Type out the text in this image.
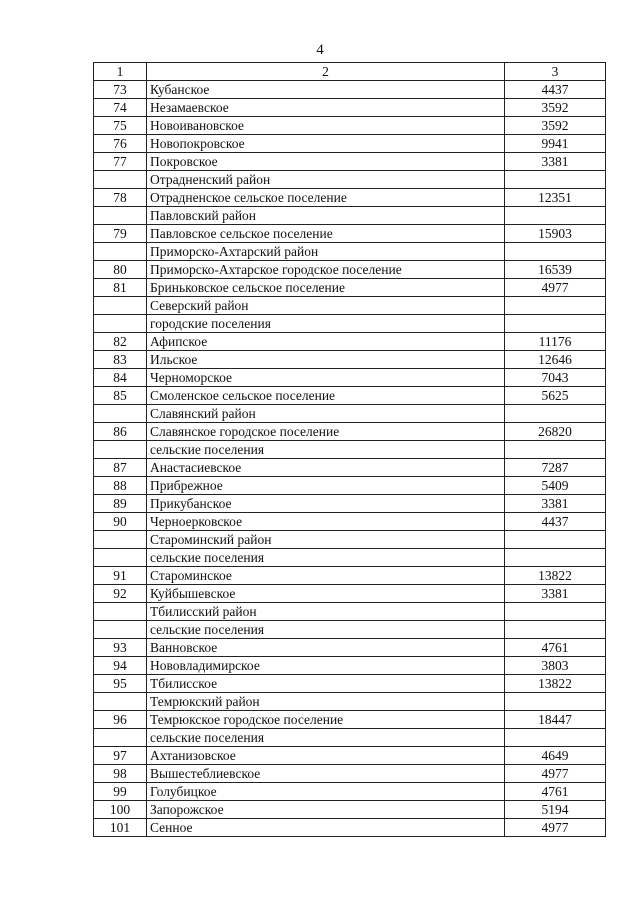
4
1	2	3
73	Кубанское	4437
74	Незамаевское	3592
75	Новоивановское	3592
76	Новопокровское	9941
77	Покровское	3381
	Отрадненский район	
78	Отрадненское сельское поселение	12351
	Павловский район	
79	Павловское сельское поселение	15903
	Приморско-Ахтарский район	
80	Приморско-Ахтарское городское поселение	16539
81	Бриньковское сельское поселение	4977
	Северский район	
	городские поселения	
82	Афипское	11176
83	Ильское	12646
84	Черноморское	7043
85	Смоленское сельское поселение	5625
	Славянский район	
86	Славянское городское поселение	26820
	сельские поселения	
87	Анастасиевское	7287
88	Прибрежное	5409
89	Прикубанское	3381
90	Черноерковское	4437
	Староминский район	
	сельские поселения	
91	Староминское	13822
92	Куйбышевское	3381
	Тбилисский район	
	сельские поселения	
93	Ванновское	4761
94	Нововладимирское	3803
95	Тбилисское	13822
	Темрюкский район	
96	Темрюкское городское поселение	18447
	сельские поселения	
97	Ахтанизовское	4649
98	Вышестеблиевское	4977
99	Голубицкое	4761
100	Запорожское	5194
101	Сенное	4977
